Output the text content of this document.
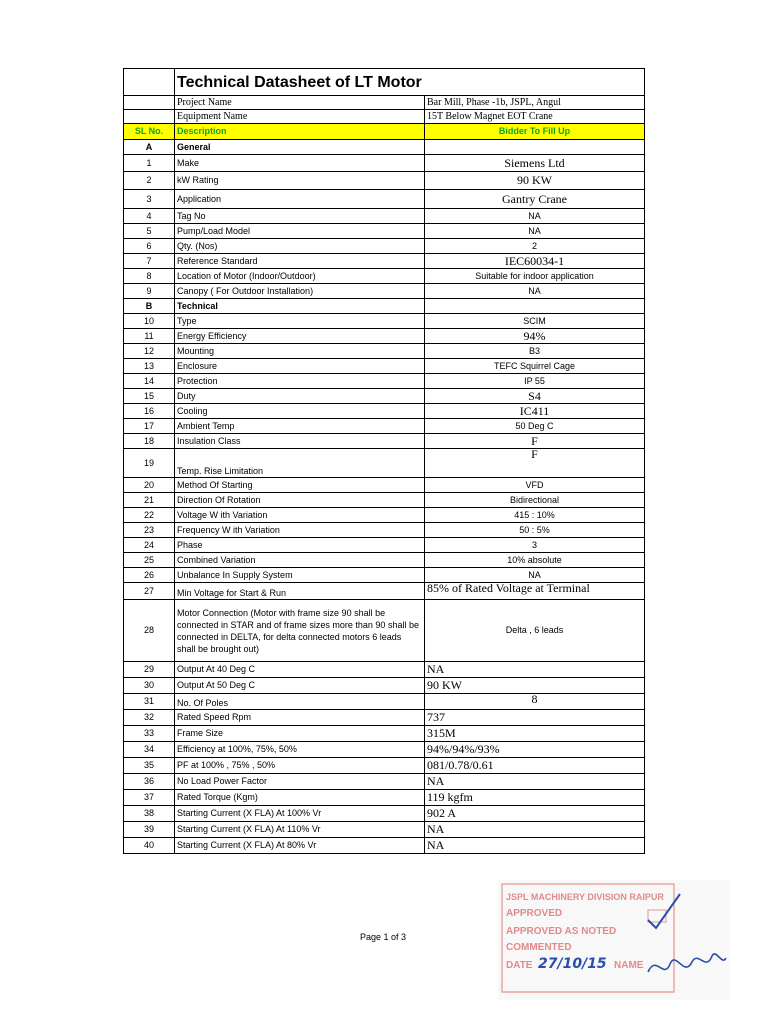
	Technical Datasheet of LT Motor	
	Project Name	Bar Mill, Phase -1b, JSPL, Angul
	Equipment Name	15T Below Magnet EOT Crane
SL No.	Description	Bidder To Fill Up
A	General	
1	Make	Siemens Ltd
2	kW Rating	90 KW
3	Application	Gantry Crane
4	Tag No	NA
5	Pump/Load Model	NA
6	Qty. (Nos)	2
7	Reference Standard	IEC60034-1
8	Location of Motor (Indoor/Outdoor)	Suitable for indoor application
9	Canopy ( For Outdoor Installation)	NA
B	Technical	
10	Type	SCIM
11	Energy Efficiency	94%
12	Mounting	B3
13	Enclosure	TEFC Squirrel Cage
14	Protection	IP 55
15	Duty	S4
16	Cooling	IC411
17	Ambient Temp	50 Deg C
18	Insulation Class	F
19	Temp. Rise Limitation	F
20	Method Of Starting	VFD
21	Direction Of Rotation	Bidirectional
22	Voltage W ith Variation	415 : 10%
23	Frequency W ith Variation	50 : 5%
24	Phase	3
25	Combined Variation	10% absolute
26	Unbalance In Supply System	NA
27	Min Voltage for Start & Run	85% of Rated Voltage at Terminal
28	Motor Connection (Motor with frame size 90 shall be connected in STAR and of frame sizes more than 90 shall be connected in DELTA, for delta connected motors 6 leads shall be brought out)	Delta , 6 leads
29	Output At 40 Deg C	NA
30	Output At 50 Deg C	90 KW
31	No. Of Poles	8
32	Rated Speed Rpm	737
33	Frame Size	315M
34	Efficiency at 100%, 75%, 50%	94%/94%/93%
35	PF at 100% , 75% , 50%	081/0.78/0.61
36	No Load Power Factor	NA
37	Rated Torque (Kgm)	119 kgfm
38	Starting Current (X FLA) At 100% Vr	902 A
39	Starting Current (X FLA) At 110% Vr	NA
40	Starting Current (X FLA) At 80% Vr	NA
Page 1 of 3
JSPL MACHINERY DIVISION RAIPUR
APPROVED
APPROVED AS NOTED
COMMENTED
DATE 27/10/15 NAME
